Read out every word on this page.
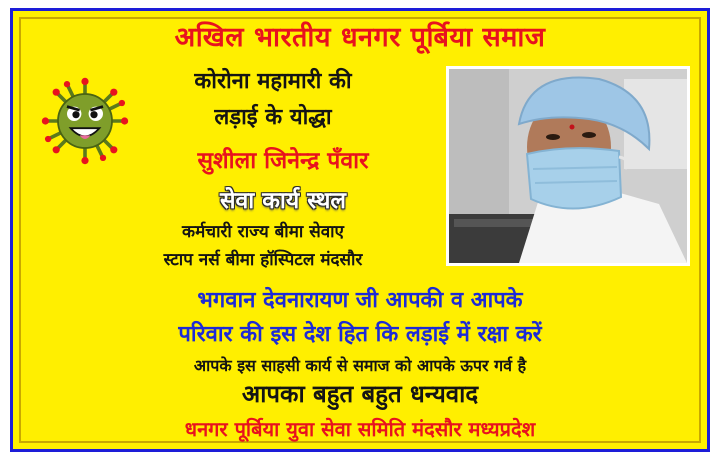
अखिल भारतीय धनगर पूर्बिया समाज
कोरोना महामारी की
लड़ाई के योद्धा
सुशीला जिनेन्द्र पँवार
सेवा कार्य स्थल
कर्मचारी राज्य बीमा सेवाए
स्टाप नर्स बीमा हॉस्पिटल मंदसौर
भगवान देवनारायण जी आपकी व आपके
परिवार की इस देश हित कि लड़ाई में रक्षा करें
आपके इस साहसी कार्य से समाज को आपके ऊपर गर्व है
आपका बहुत बहुत धन्यवाद
धनगर पूर्बिया युवा सेवा समिति मंदसौर मध्यप्रदेश
